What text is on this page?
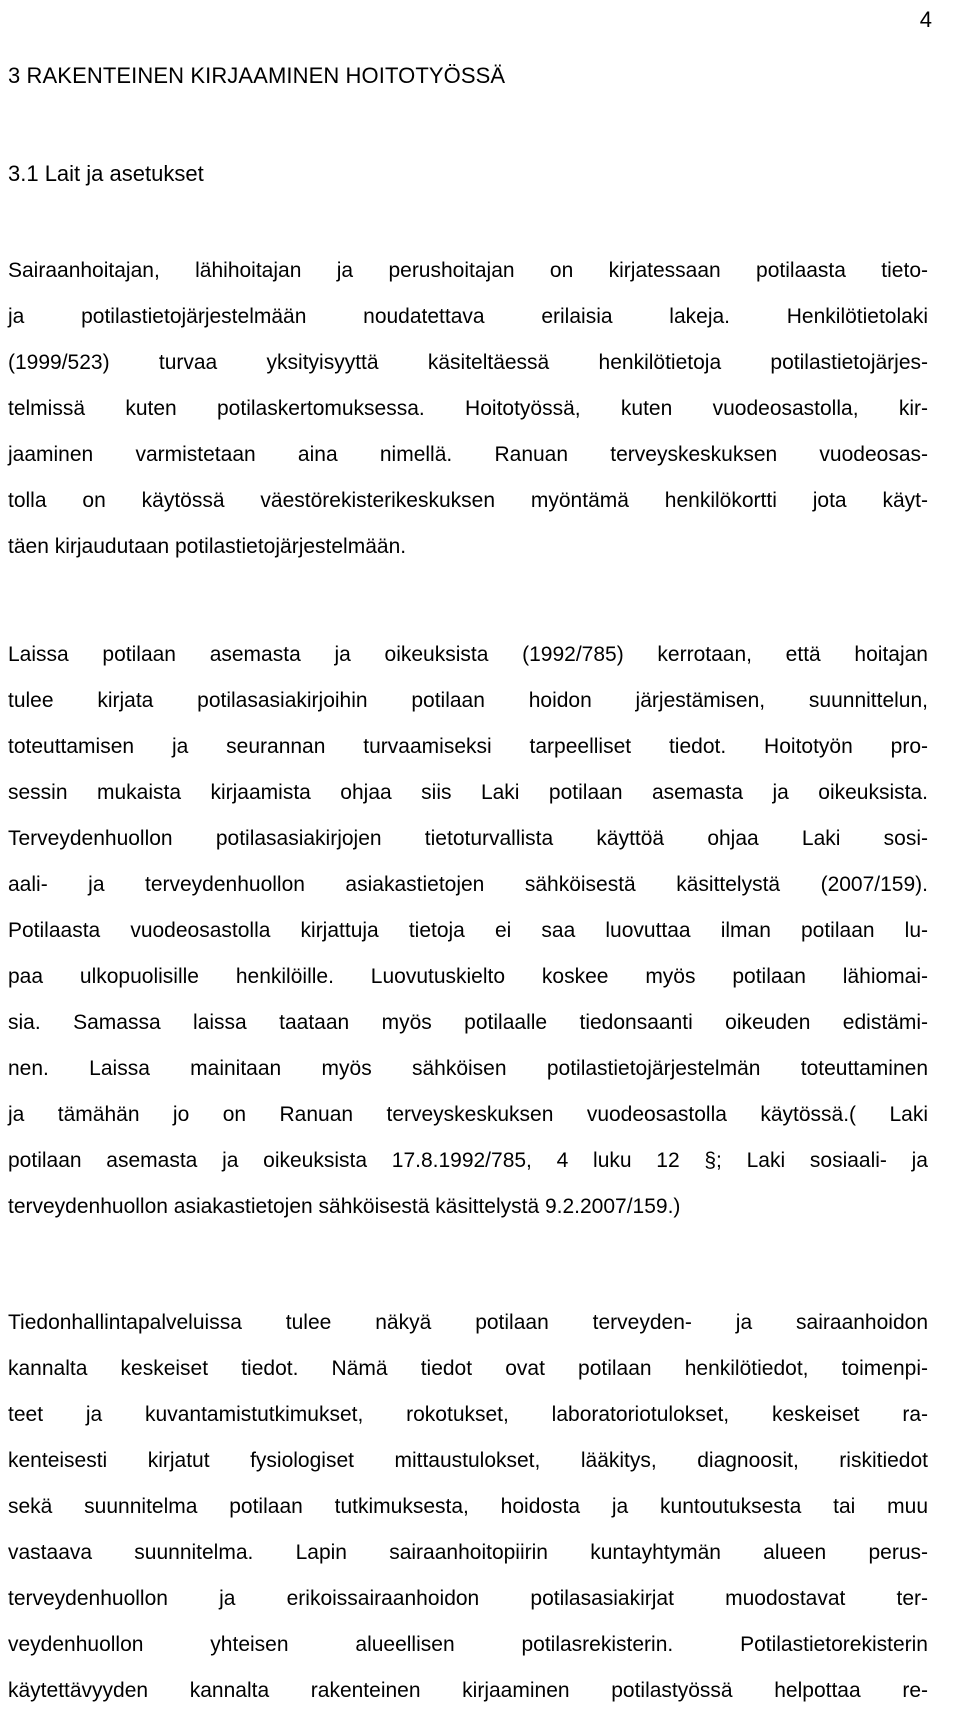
4
3 RAKENTEINEN KIRJAAMINEN HOITOTYÖSSÄ
3.1 Lait ja asetukset
Sairaanhoitajan, lähihoitajan ja perushoitajan on kirjatessaan potilaasta tieto-
ja potilastietojärjestelmään noudatettava erilaisia lakeja. Henkilötietolaki
(1999/523) turvaa yksityisyyttä käsiteltäessä henkilötietoja potilastietojärjes-
telmissä kuten potilaskertomuksessa. Hoitotyössä, kuten vuodeosastolla, kir-
jaaminen varmistetaan aina nimellä. Ranuan terveyskeskuksen vuodeosas-
tolla on käytössä väestörekisterikeskuksen myöntämä henkilökortti jota käyt-
täen kirjaudutaan potilastietojärjestelmään.
Laissa potilaan asemasta ja oikeuksista (1992/785) kerrotaan, että hoitajan
tulee kirjata potilasasiakirjoihin potilaan hoidon järjestämisen, suunnittelun,
toteuttamisen ja seurannan turvaamiseksi tarpeelliset tiedot. Hoitotyön pro-
sessin mukaista kirjaamista ohjaa siis Laki potilaan asemasta ja oikeuksista.
Terveydenhuollon potilasasiakirjojen tietoturvallista käyttöä ohjaa Laki sosi-
aali- ja terveydenhuollon asiakastietojen sähköisestä käsittelystä (2007/159).
Potilaasta vuodeosastolla kirjattuja tietoja ei saa luovuttaa ilman potilaan lu-
paa ulkopuolisille henkilöille. Luovutuskielto koskee myös potilaan lähiomai-
sia. Samassa laissa taataan myös potilaalle tiedonsaanti oikeuden edistämi-
nen. Laissa mainitaan myös sähköisen potilastietojärjestelmän toteuttaminen
ja tämähän jo on Ranuan terveyskeskuksen vuodeosastolla käytössä.( Laki
potilaan asemasta ja oikeuksista 17.8.1992/785, 4 luku 12 §; Laki sosiaali- ja
terveydenhuollon asiakastietojen sähköisestä käsittelystä 9.2.2007/159.)
Tiedonhallintapalveluissa tulee näkyä potilaan terveyden- ja sairaanhoidon
kannalta keskeiset tiedot. Nämä tiedot ovat potilaan henkilötiedot, toimenpi-
teet ja kuvantamistutkimukset, rokotukset, laboratoriotulokset, keskeiset ra-
kenteisesti kirjatut fysiologiset mittaustulokset, lääkitys, diagnoosit, riskitiedot
sekä suunnitelma potilaan tutkimuksesta, hoidosta ja kuntoutuksesta tai muu
vastaava suunnitelma. Lapin sairaanhoitopiirin kuntayhtymän alueen perus-
terveydenhuollon ja erikoissairaanhoidon potilasasiakirjat muodostavat ter-
veydenhuollon yhteisen alueellisen potilasrekisterin. Potilastietorekisterin
käytettävyyden kannalta rakenteinen kirjaaminen potilastyössä helpottaa re-
